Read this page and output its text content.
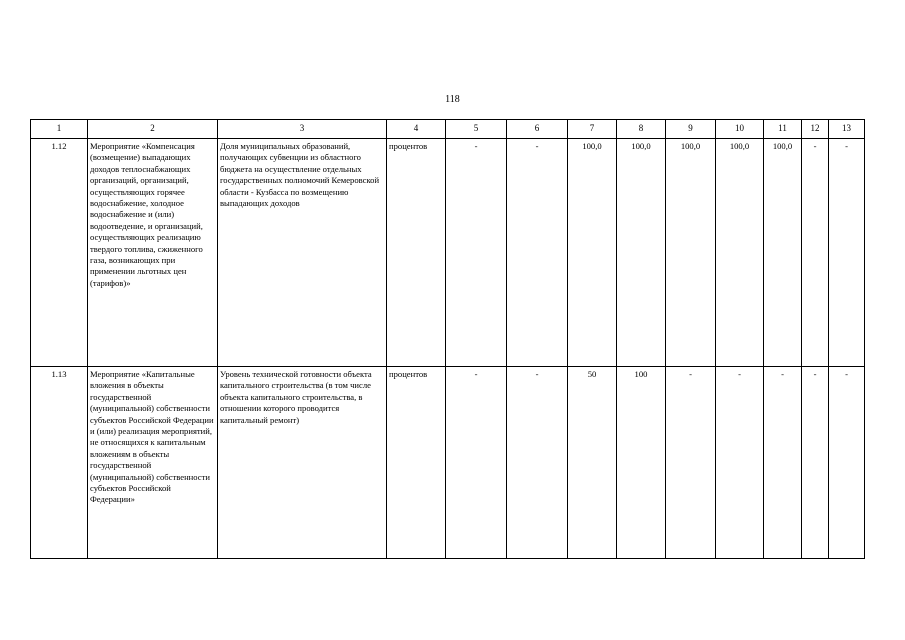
118
1	2	3	4	5	6	7	8	9	10	11	12	13
1.12	Мероприятие «Компенсация (возмещение) выпадающих доходов теплоснабжающих организаций, организаций, осуществляющих горячее водоснабжение, холодное водоснабжение и (или) водоотведение, и организаций, осуществляющих реализацию твердого топлива, сжиженного газа, возникающих при применении льготных цен (тарифов)»	Доля муниципальных образований, получающих субвенции из областного бюджета на осуществление отдельных государственных полномочий Кемеровской области - Кузбасса по возмещению выпадающих доходов	процентов	-	-	100,0	100,0	100,0	100,0	100,0	-	-
1.13	Мероприятие «Капитальные вложения в объекты государственной (муниципальной) собственности субъектов Российской Федерации и (или) реализация мероприятий, не относящихся к капитальным вложениям в объекты государственной (муниципальной) собственности субъектов Российской Федерации»	Уровень технической готовности объекта капитального строительства (в том числе объекта капитального строительства, в отношении которого проводится капитальный ремонт)	процентов	-	-	50	100	-	-	-	-	-
